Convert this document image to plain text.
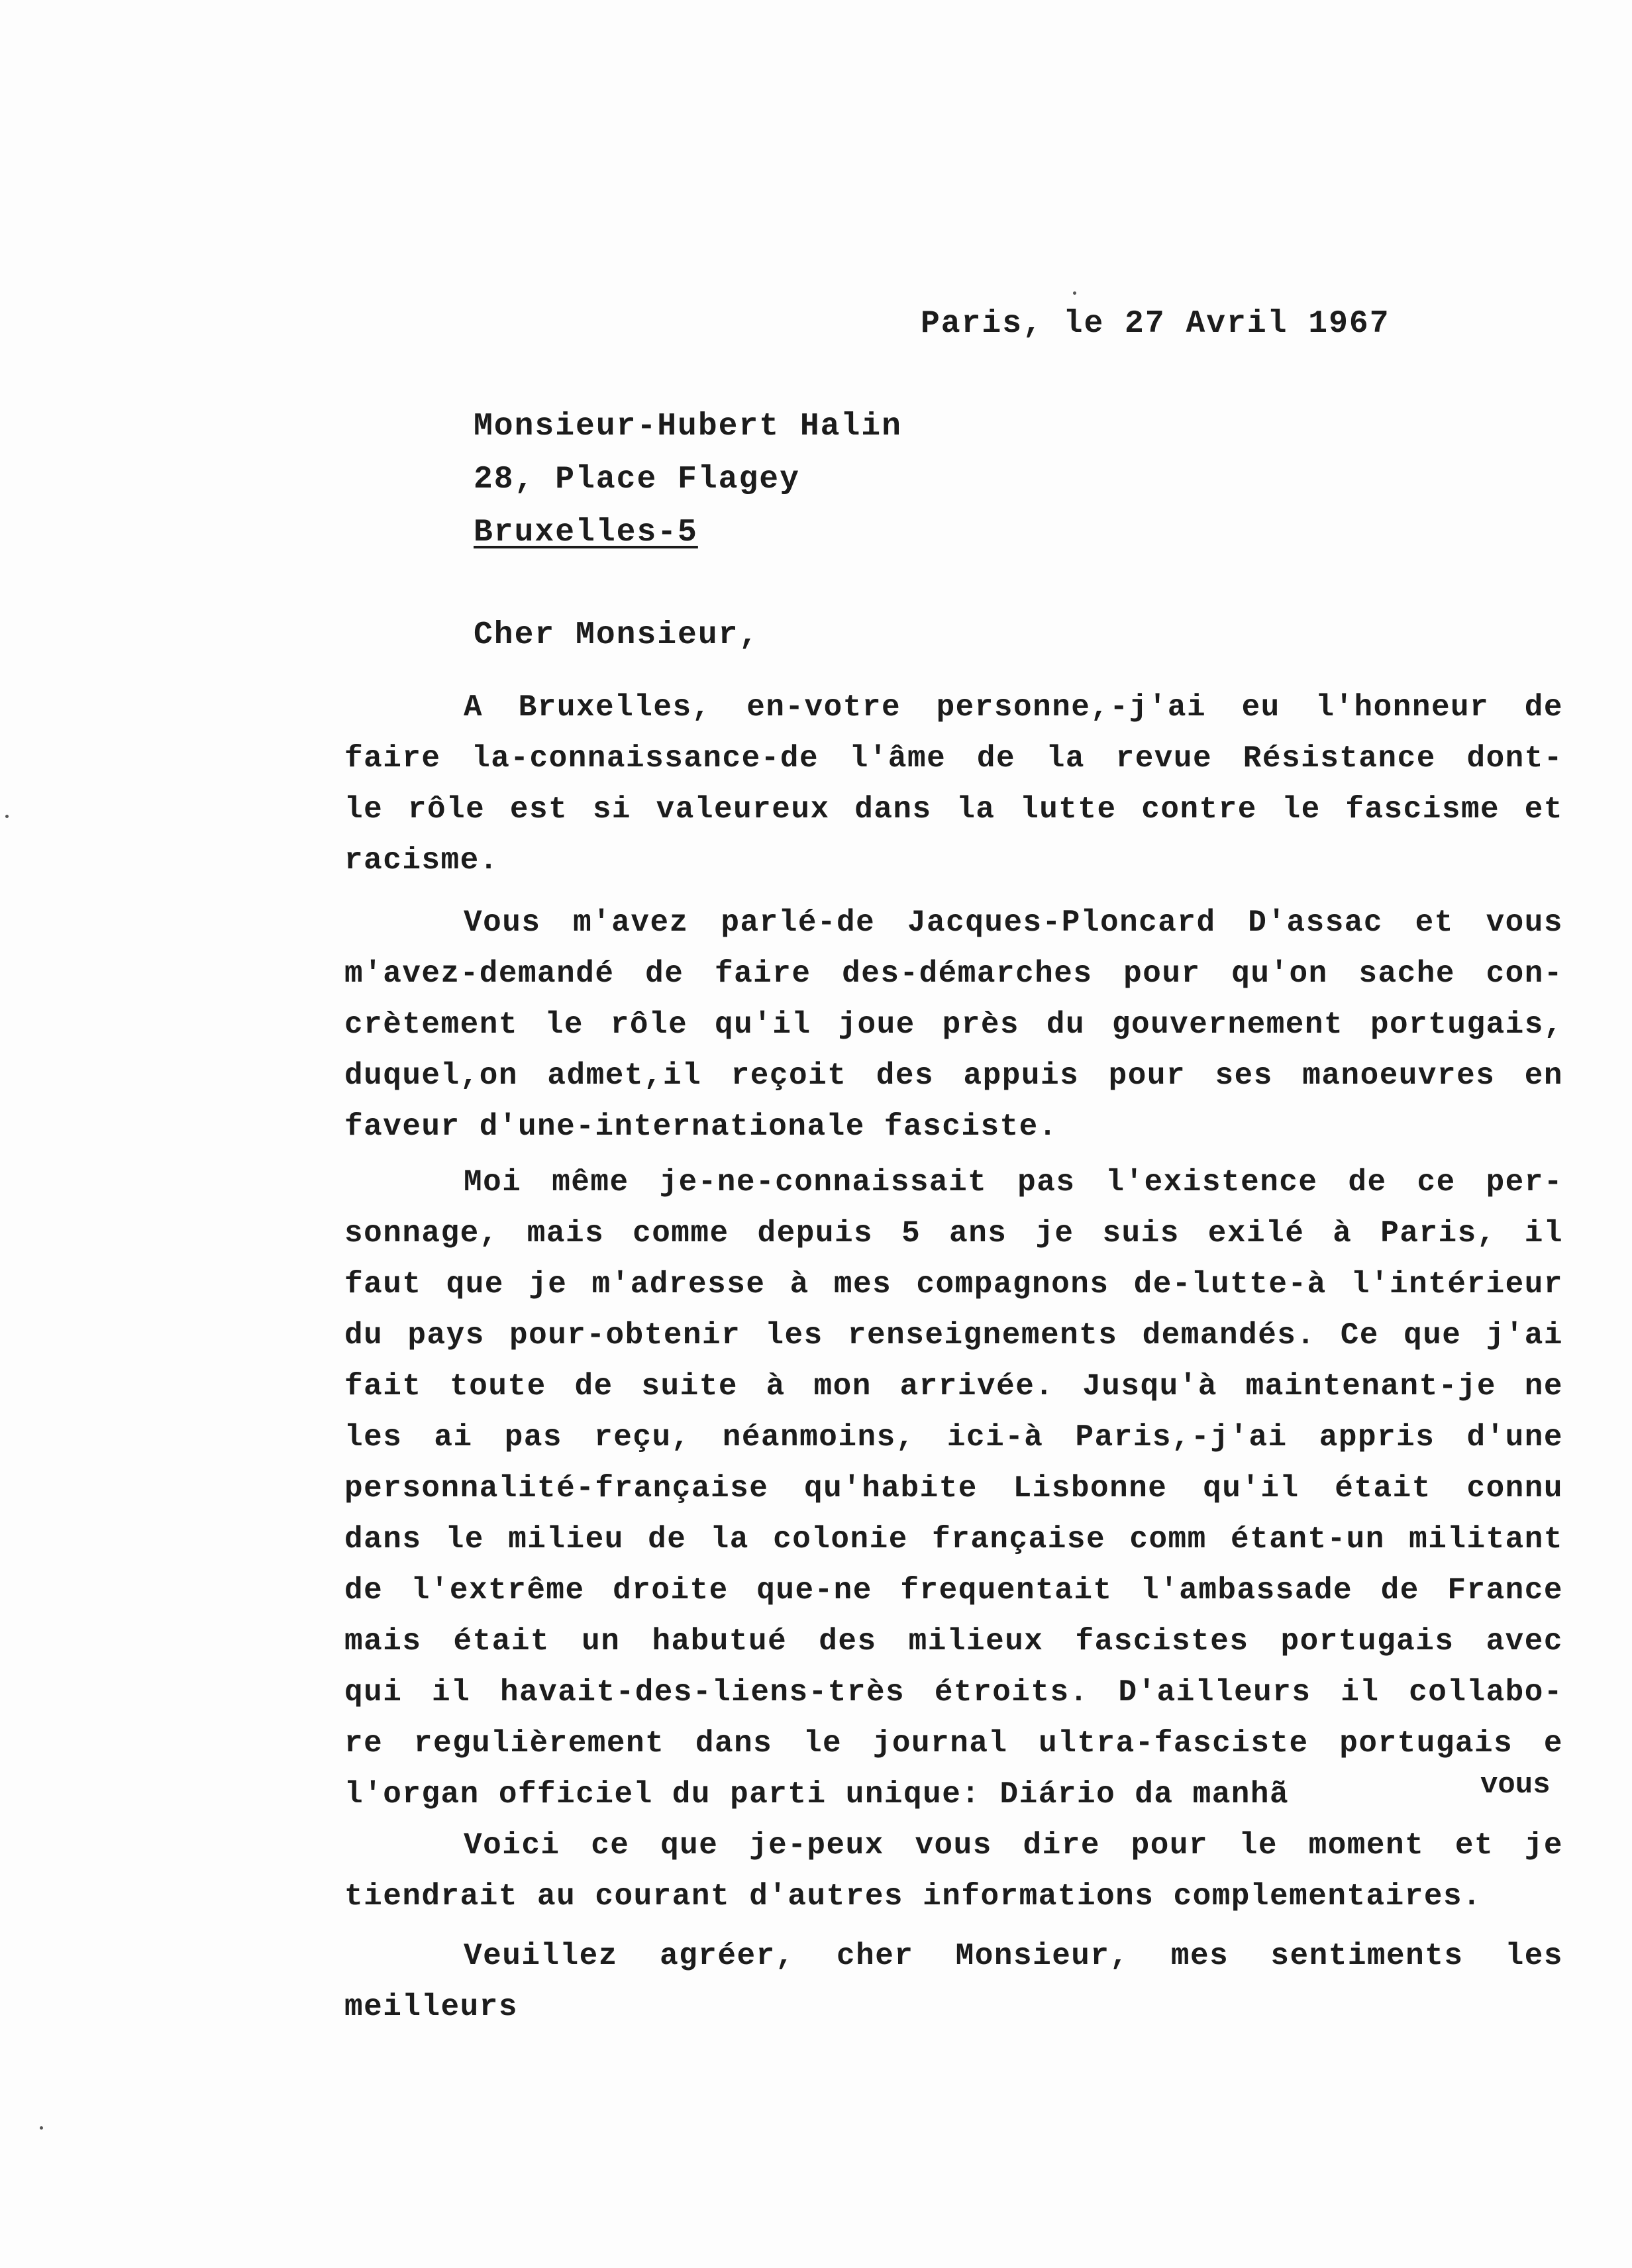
Paris, le 27 Avril 1967
Monsieur-Hubert Halin
28, Place Flagey
Bruxelles-5
Cher Monsieur,
A Bruxelles, en-votre personne,-j'ai eu l'honneur de
faire la-connaissance-de l'âme de la revue Résistance dont-
le rôle est si valeureux dans la lutte contre le fascisme et
racisme.
Vous m'avez parlé-de Jacques-Ploncard D'assac et vous
m'avez-demandé de faire des-démarches pour qu'on sache con-
crètement le rôle qu'il joue près du gouvernement portugais,
duquel,on admet,il reçoit des appuis pour ses manoeuvres en
faveur d'une-internationale fasciste.
Moi même je-ne-connaissait pas l'existence de ce per-
sonnage, mais comme depuis 5 ans je suis exilé à Paris, il
faut que je m'adresse à mes compagnons de-lutte-à l'intérieur
du pays pour-obtenir les renseignements demandés. Ce que j'ai
fait toute de suite à mon arrivée. Jusqu'à maintenant-je ne
les ai pas reçu, néanmoins, ici-à Paris,-j'ai appris d'une
personnalité-française qu'habite Lisbonne qu'il était connu
dans le milieu de la colonie française comm étant-un militant
de l'extrême droite que-ne frequentait l'ambassade de France
mais était un habutué des milieux fascistes portugais avec
qui il havait-des-liens-très étroits. D'ailleurs il collabo-
re regulièrement dans le journal ultra-fasciste portugais e
l'organ officiel du parti unique: Diário da manhã	vous
Voici ce que je-peux vous dire pour le moment et je
tiendrait au courant d'autres informations complementaires.
Veuillez agréer, cher Monsieur, mes sentiments les
meilleurs
